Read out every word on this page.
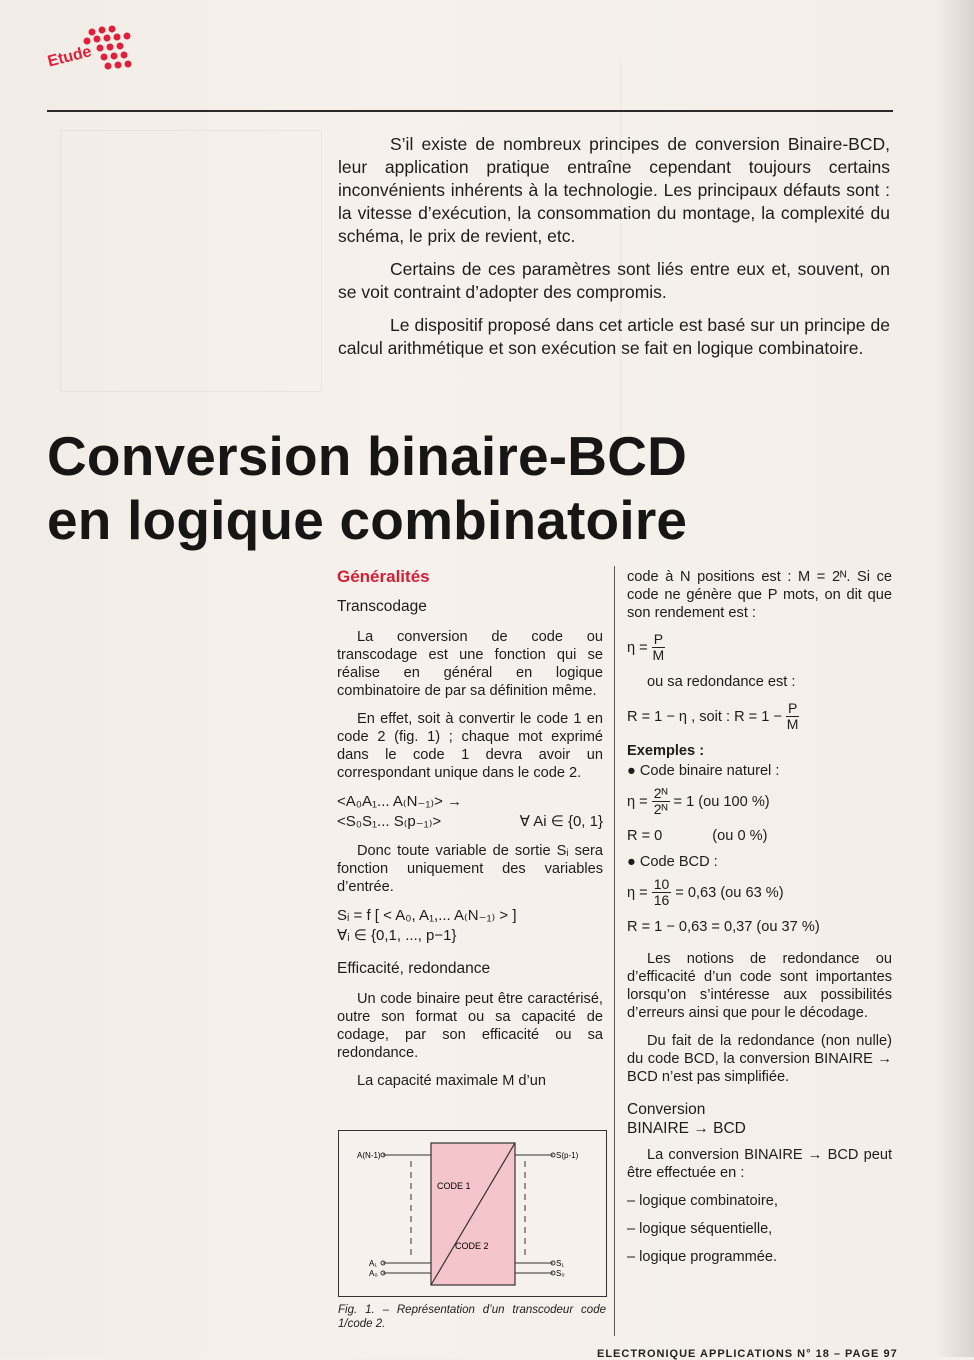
Etude

S’il existe de nombreux principes de conversion Binaire-BCD, leur application pratique entraîne cependant toujours certains inconvénients inhérents à la technologie. Les principaux défauts sont : la vitesse d’exécution, la consommation du montage, la complexité du schéma, le prix de revient, etc.

Certains de ces paramètres sont liés entre eux et, souvent, on se voit contraint d’adopter des compromis.

Le dispositif proposé dans cet article est basé sur un principe de calcul arithmétique et son exécution se fait en logique combinatoire.

Conversion binaire-BCD
en logique combinatoire
Généralités
Transcodage

La conversion de code ou transcodage est une fonction qui se réalise en général en logique combinatoire de par sa définition même.

En effet, soit à convertir le code 1 en code 2 (fig. 1) ; chaque mot exprimé dans le code 1 devra avoir un correspondant unique dans le code 2.

<A₀A₁... A₍N₋₁₎> →
<S₀S₁... S₍p₋₁₎>	∀ Ai ∈ {0, 1}

Donc toute variable de sortie Sᵢ sera fonction uniquement des variables d’entrée.

Sᵢ = f [ < A₀, A₁,... A₍N₋₁₎ > ]
∀ᵢ ∈ {0,1, ..., p−1}
Efficacité, redondance

Un code binaire peut être caractérisé, outre son format ou sa capacité de codage, par son efficacité ou sa redondance.

La capacité maximale M d’un

A(N-1)
A₁
A₀
S(p-1)
S₁
S₀
CODE 1
CODE 2
Fig. 1. – Représentation d’un transcodeur code 1/code 2.

code à N positions est : M = 2ᴺ. Si ce code ne génère que P mots, on dit que son rendement est :

$\eta = \frac{P}{M}$

ou sa redondance est :

R = 1 − η , soit : $R = 1 - \frac{P}{M}$
Exemples :
● Code binaire naturel :
$\eta = \frac{\text{2ᴺ}}{\text{2ᴺ}} = 1$ (ou 100 %)
R = 0	(ou 0 %)
● Code BCD :
$\eta = \frac{10}{16} = 0,63$ (ou 63 %)
R = 1 − 0,63 = 0,37 (ou 37 %)

Les notions de redondance ou d’efficacité d’un code sont importantes lorsqu’on s’intéresse aux possibilités d’erreurs ainsi que pour le décodage.

Du fait de la redondance (non nulle) du code BCD, la conversion BINAIRE → BCD n’est pas simplifiée.

Conversion
BINAIRE → BCD

La conversion BINAIRE → BCD peut être effectuée en :

– logique combinatoire,
– logique séquentielle,
– logique programmée.
ELECTRONIQUE APPLICATIONS N° 18 – PAGE 97
